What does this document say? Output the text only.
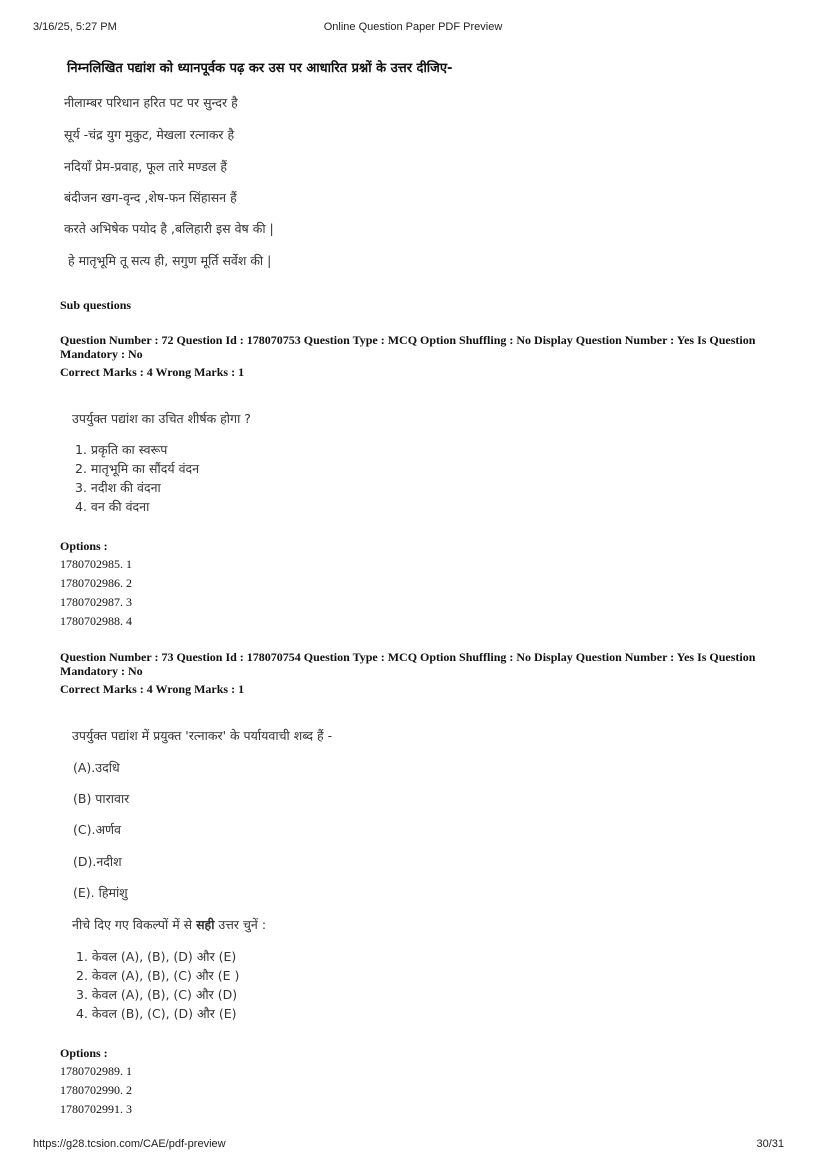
3/16/25, 5:27 PM	Online Question Paper PDF Preview
निम्नलिखित पद्यांश को ध्यानपूर्वक पढ़ कर उस पर आधारित प्रश्नों के उत्तर दीजिए-
नीलाम्बर परिधान हरित पट पर सुन्दर है
सूर्य -चंद्र युग मुकुट, मेखला रत्नाकर है
नदियाँ प्रेम-प्रवाह, फूल तारे मण्डल हैं
बंदीजन खग-वृन्द ,शेष-फन सिंहासन हैं
करते अभिषेक पयोद है ,बलिहारी इस वेष की |
हे मातृभूमि तू सत्य ही, सगुण मूर्ति सर्वेश की |
Sub questions
Question Number : 72 Question Id : 178070753 Question Type : MCQ Option Shuffling : No Display Question Number : Yes Is Question Mandatory : No
Correct Marks : 4 Wrong Marks : 1
उपर्युक्त पद्यांश का उचित शीर्षक होगा ?
1. प्रकृति का स्वरूप
2. मातृभूमि का सौंदर्य वंदन
3. नदीश की वंदना
4. वन की वंदना
Options :
1780702985. 1
1780702986. 2
1780702987. 3
1780702988. 4
Question Number : 73 Question Id : 178070754 Question Type : MCQ Option Shuffling : No Display Question Number : Yes Is Question Mandatory : No
Correct Marks : 4 Wrong Marks : 1
उपर्युक्त पद्यांश में प्रयुक्त 'रत्नाकर' के पर्यायवाची शब्द हैं -
(A).उदधि
(B) पारावार
(C).अर्णव
(D).नदीश
(E). हिमांशु
नीचे दिए गए विकल्पों में से सही उत्तर चुनें :
1. केवल (A), (B), (D) और (E)
2. केवल (A), (B), (C) और (E )
3. केवल (A), (B), (C) और (D)
4. केवल (B), (C), (D) और (E)
Options :
1780702989. 1
1780702990. 2
1780702991. 3
https://g28.tcsion.com/CAE/pdf-preview	30/31
